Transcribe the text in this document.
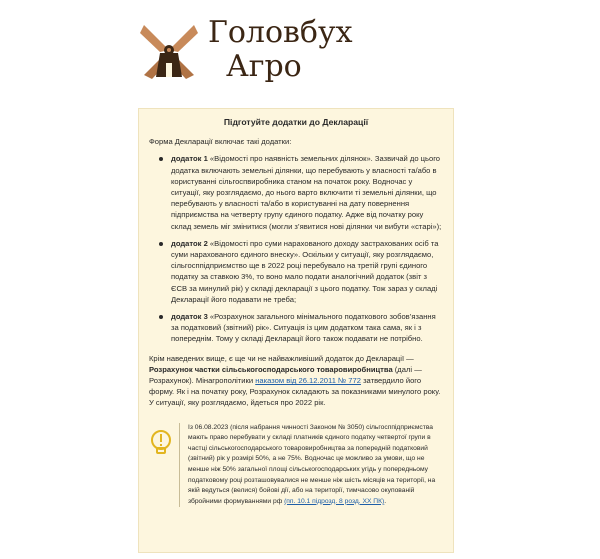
Головбух
Агро
Підготуйте додатки до Декларації

Форма Декларації включає такі додатки:

додаток 1 «Відомості про наявність земельних ділянок». Зазвичай до цього додатка включають земельні ділянки, що перебувають у власності та/або в користуванні сільгоспвиробника станом на початок року. Водночас у ситуації, яку розглядаємо, до нього варто включити ті земельні ділянки, що перебувають у власності та/або в користуванні на дату повернення підприємства на четверту групу єдиного податку. Адже від початку року склад земель міг змінитися (могли з’явитися нові ділянки чи вибути «старі»);
додаток 2 «Відомості про суми нарахованого доходу застрахованих осіб та суми нарахованого єдиного внеску». Оскільки у ситуації, яку розглядаємо, сільгосппідприємство ще в 2022 році перебувало на третій групі єдиного податку за ставкою 3%, то воно мало подати аналогічний додаток (звіт з ЄСВ за минулий рік) у складі декларації з цього податку. Тож зараз у складі Декларації його подавати не треба;
додаток 3 «Розрахунок загального мінімального податкового зобов’язання за податковий (звітний) рік». Ситуація із цим додатком така сама, як і з попереднім. Тому у складі Декларації його також подавати не потрібно.

Крім наведених вище, є ще чи не найважливіший додаток до Декларації — Розрахунок частки сільськогосподарського товаровиробництва (далі — Розрахунок). Мінагрополітики наказом від 26.12.2011 № 772 затвердило його форму. Як і на початку року, Розрахунок складають за показниками минулого року. У ситуації, яку розглядаємо, йдеться про 2022 рік.

Із 06.08.2023 (після набрання чинності Законом № 3050) сільгосппідприємства мають право перебувати у складі платників єдиного податку четвертої групи в частці сільськогосподарського товаровиробництва за попередній податковий (звітний) рік у розмірі 50%, а не 75%. Водночас це можливо за умови, що не менше ніж 50% загальної площі сільськогосподарських угідь у попередньому податковому році розташовувалися не менше ніж шість місяців на території, на якій ведуться (велися) бойові дії, або на території, тимчасово окупованій збройними формуваннями рф (пп. 10.1 підрозд. 8 розд. XX ПК).
